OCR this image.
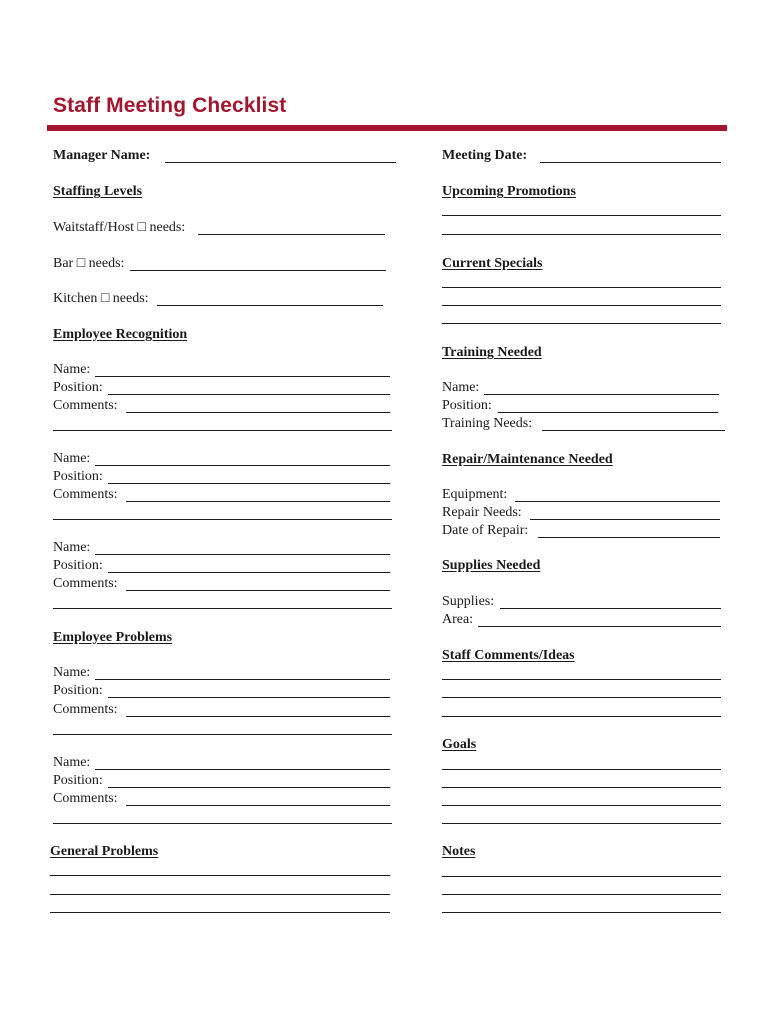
Staff Meeting Checklist
Manager Name:	Meeting Date:
Staffing Levels
Waitstaff/Host □ needs:
Bar □ needs:
Kitchen □ needs:
Employee Recognition
Name:
Position:
Comments:
Name:
Position:
Comments:
Name:
Position:
Comments:
Employee Problems
Name:
Position:
Comments:
Name:
Position:
Comments:
General Problems
Upcoming Promotions
Current Specials
Training Needed
Name:
Position:
Training Needs:
Repair/Maintenance Needed
Equipment:
Repair Needs:
Date of Repair:
Supplies Needed
Supplies:
Area:
Staff Comments/Ideas
Goals
Notes
